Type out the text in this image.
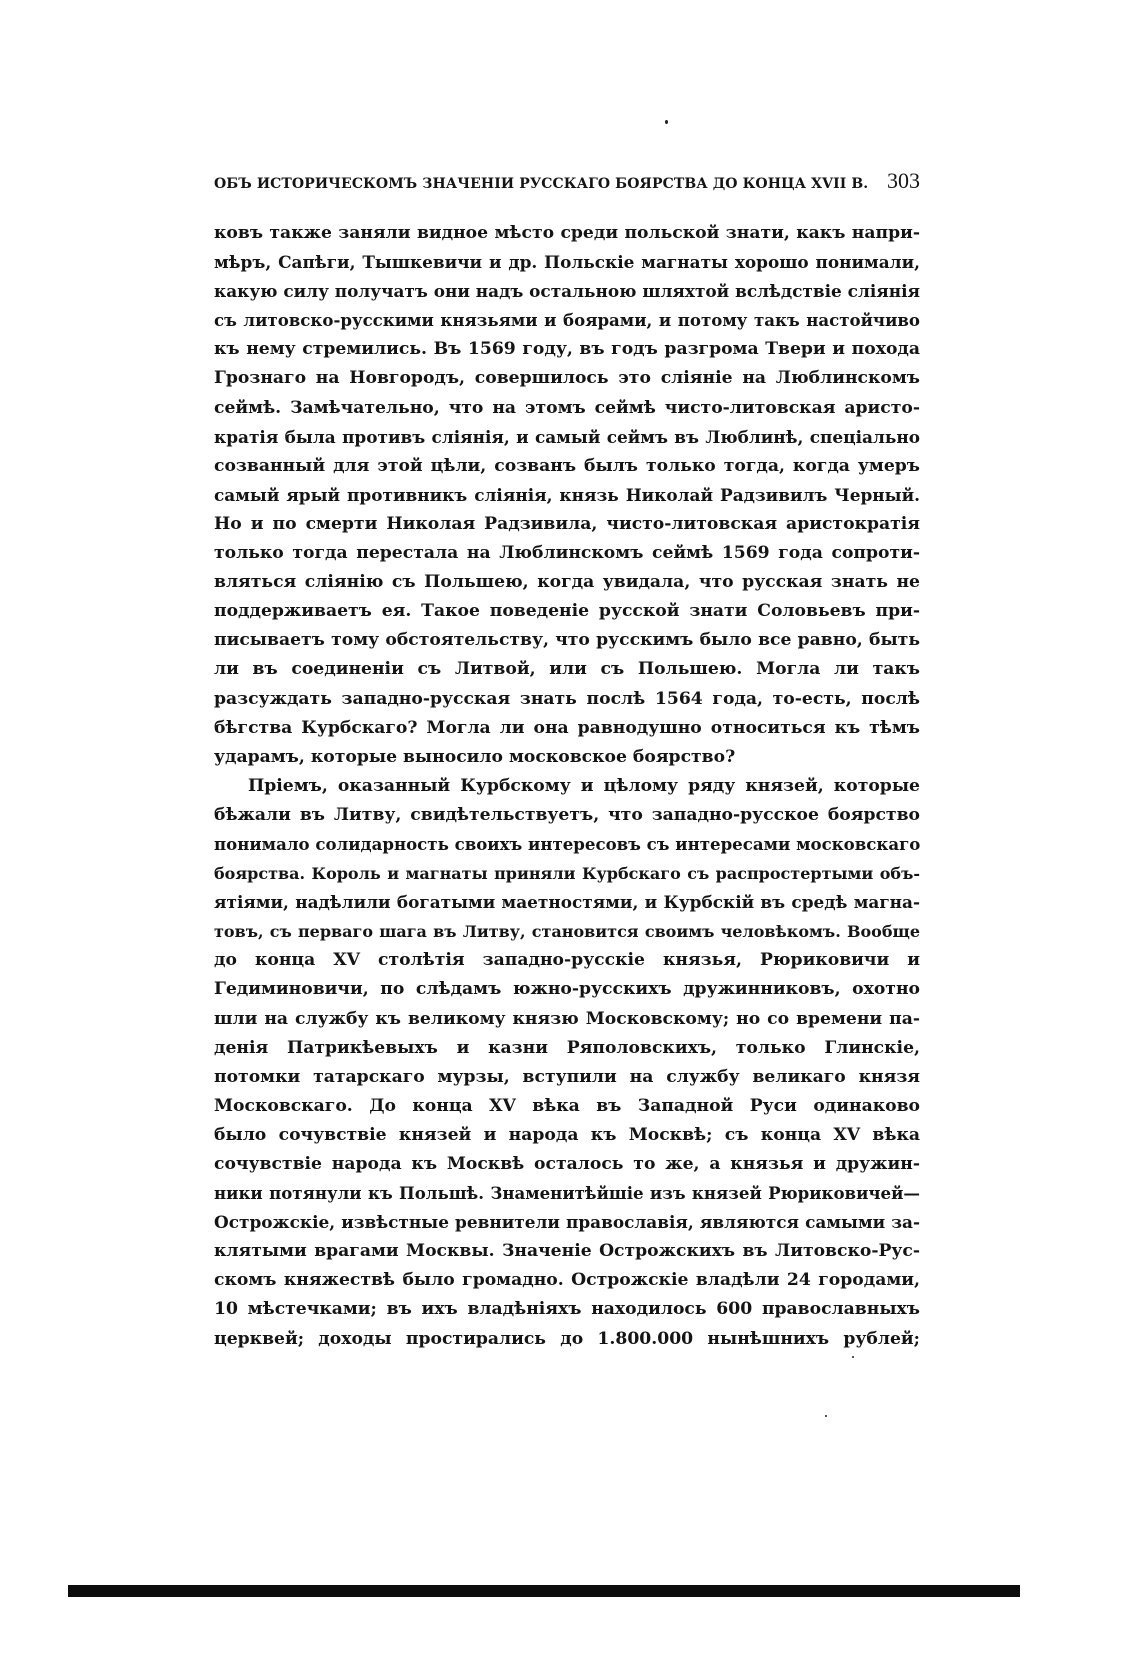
ОБЪ ИСТОРИЧЕСКОМЪ ЗНАЧЕНIИ РУССКАГО БОЯРСТВА ДО КОНЦА XVII В. 303
ковъ также заняли видное мѣсто среди польской знати, какъ напри-
мѣръ, Сапѣги, Тышкевичи и др. Польскiе магнаты хорошо понимали,
какую силу получатъ они надъ остальною шляхтой вслѣдствiе слiянiя
съ литовско-русскими князьями и боярами, и потому такъ настойчиво
къ нему стремились. Въ 1569 году, въ годъ разгрома Твери и похода
Грознаго на Новгородъ, совершилось это слiянiе на Люблинскомъ
сеймѣ. Замѣчательно, что на этомъ сеймѣ чисто-литовская аристо-
кратiя была противъ слiянiя, и самый сеймъ въ Люблинѣ, спецiально
созванный для этой цѣли, созванъ былъ только тогда, когда умеръ
самый ярый противникъ слiянiя, князь Николай Радзивилъ Черный.
Но и по смерти Николая Радзивила, чисто-литовская аристократiя
только тогда перестала на Люблинскомъ сеймѣ 1569 года сопроти-
вляться слiянiю съ Польшею, когда увидала, что русская знать не
поддерживаетъ ея. Такое поведенiе русской знати Соловьевъ при-
писываетъ тому обстоятельству, что русскимъ было все равно, быть
ли въ соединенiи съ Литвой, или съ Польшею. Могла ли такъ
разсуждать западно-русская знать послѣ 1564 года, то-есть, послѣ
бѣгства Курбскаго? Могла ли она равнодушно относиться къ тѣмъ
ударамъ, которые выносило московское боярство?
Прiемъ, оказанный Курбскому и цѣлому ряду князей, которые
бѣжали въ Литву, свидѣтельствуетъ, что западно-русское боярство
понимало солидарность своихъ интересовъ съ интересами московскаго
боярства. Король и магнаты приняли Курбскаго съ распростертыми объ-
ятiями, надѣлили богатыми маетностями, и Курбскiй въ средѣ магна-
товъ, съ перваго шага въ Литву, становится своимъ человѣкомъ. Вообще
до конца XV столѣтiя западно-русскiе князья, Рюриковичи и
Гедиминовичи, по слѣдамъ южно-русскихъ дружинниковъ, охотно
шли на службу къ великому князю Московскому; но со времени па-
денiя Патрикѣевыхъ и казни Ряполовскихъ, только Глинскiе,
потомки татарскаго мурзы, вступили на службу великаго князя
Московскаго. До конца XV вѣка въ Западной Руси одинаково
было сочувствiе князей и народа къ Москвѣ; съ конца XV вѣка
сочувствiе народа къ Москвѣ осталось то же, а князья и дружин-
ники потянули къ Польшѣ. Знаменитѣйшiе изъ князей Рюриковичей—
Острожскiе, извѣстные ревнители православiя, являются самыми за-
клятыми врагами Москвы. Значенiе Острожскихъ въ Литовско-Рус-
скомъ княжествѣ было громадно. Острожскiе владѣли 24 городами,
10 мѣстечками; въ ихъ владѣнiяхъ находилось 600 православныхъ
церквей; доходы простирались до 1.800.000 нынѣшнихъ рублей;
